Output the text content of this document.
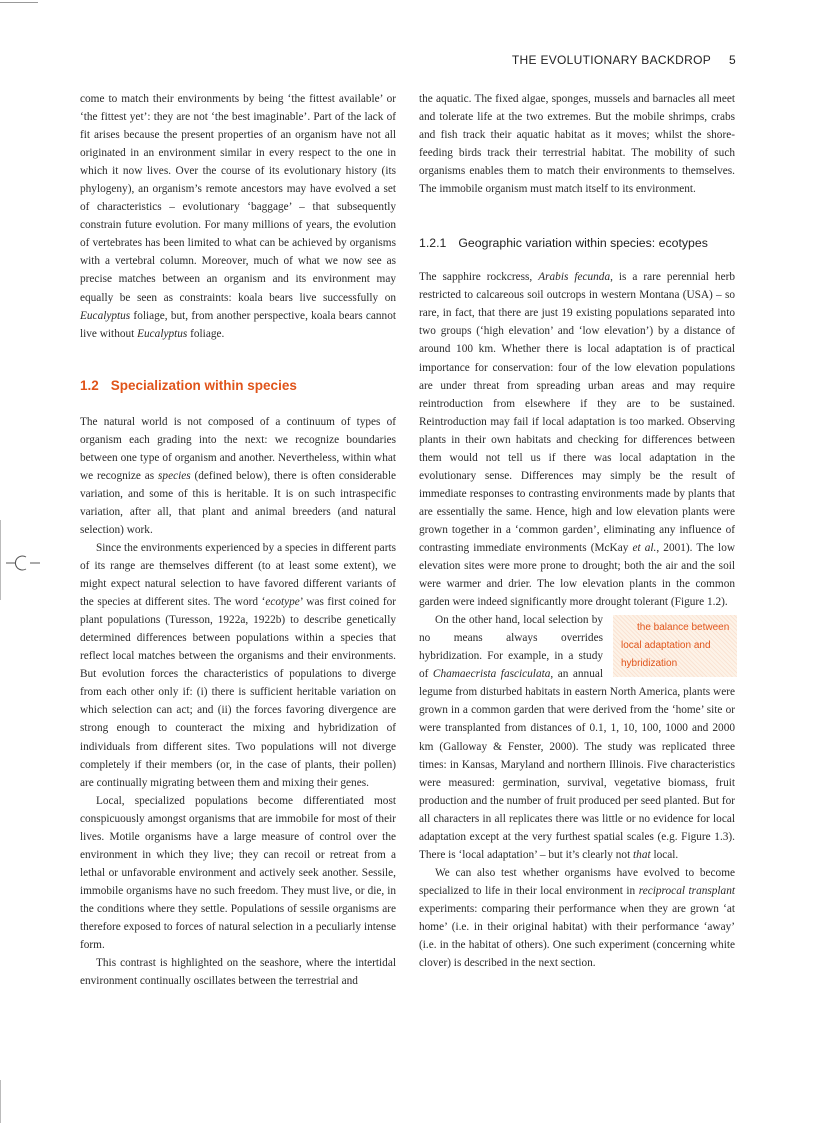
THE EVOLUTIONARY BACKDROP 5

come to match their environments by being ‘the fittest available’ or ‘the fittest yet’: they are not ‘the best imaginable’. Part of the lack of fit arises because the present properties of an organism have not all originated in an environment similar in every respect to the one in which it now lives. Over the course of its evolutionary history (its phylogeny), an organism’s remote ancestors may have evolved a set of characteristics – evolutionary ‘baggage’ – that subsequently constrain future evolution. For many millions of years, the evolution of vertebrates has been limited to what can be achieved by organisms with a vertebral column. Moreover, much of what we now see as precise matches between an organism and its environment may equally be seen as constraints: koala bears live successfully on Eucalyptus foliage, but, from another perspective, koala bears cannot live without Eucalyptus foliage.

1.2 Specialization within species

The natural world is not composed of a continuum of types of organism each grading into the next: we recognize boundaries between one type of organism and another. Nevertheless, within what we recognize as species (defined below), there is often considerable variation, and some of this is heritable. It is on such intraspecific variation, after all, that plant and animal breeders (and natural selection) work.

Since the environments experienced by a species in different parts of its range are themselves different (to at least some extent), we might expect natural selection to have favored different variants of the species at different sites. The word ‘ecotype’ was first coined for plant populations (Turesson, 1922a, 1922b) to describe genetically determined differences between populations within a species that reflect local matches between the organisms and their environments. But evolution forces the characteristics of populations to diverge from each other only if: (i) there is sufficient heritable variation on which selection can act; and (ii) the forces favoring divergence are strong enough to counteract the mixing and hybridization of individuals from different sites. Two populations will not diverge completely if their members (or, in the case of plants, their pollen) are continually migrating between them and mixing their genes.

Local, specialized populations become differentiated most conspicuously amongst organisms that are immobile for most of their lives. Motile organisms have a large measure of control over the environment in which they live; they can recoil or retreat from a lethal or unfavorable environment and actively seek another. Sessile, immobile organisms have no such freedom. They must live, or die, in the conditions where they settle. Populations of sessile organisms are therefore exposed to forces of natural selection in a peculiarly intense form.

This contrast is highlighted on the seashore, where the intertidal environment continually oscillates between the terrestrial and

the aquatic. The fixed algae, sponges, mussels and barnacles all meet and tolerate life at the two extremes. But the mobile shrimps, crabs and fish track their aquatic habitat as it moves; whilst the shore-feeding birds track their terrestrial habitat. The mobility of such organisms enables them to match their environments to themselves. The immobile organism must match itself to its environment.

1.2.1 Geographic variation within species: ecotypes

The sapphire rockcress, Arabis fecunda, is a rare perennial herb restricted to calcareous soil outcrops in western Montana (USA) – so rare, in fact, that there are just 19 existing populations separated into two groups (‘high elevation’ and ‘low elevation’) by a distance of around 100 km. Whether there is local adaptation is of practical importance for conservation: four of the low elevation populations are under threat from spreading urban areas and may require reintroduction from elsewhere if they are to be sustained. Reintroduction may fail if local adaptation is too marked. Observing plants in their own habitats and checking for differences between them would not tell us if there was local adaptation in the evolutionary sense. Differences may simply be the result of immediate responses to contrasting environments made by plants that are essentially the same. Hence, high and low elevation plants were grown together in a ‘common garden’, eliminating any influence of contrasting immediate environments (McKay et al., 2001). The low elevation sites were more prone to drought; both the air and the soil were warmer and drier. The low elevation plants in the common garden were indeed significantly more drought tolerant (Figure 1.2).

the balance between local adaptation and hybridization
On the other hand, local selection by no means always overrides hybridization. For example, in a study of Chamaecrista fasciculata, an annual legume from disturbed habitats in eastern North America, plants were grown in a common garden that were derived from the ‘home’ site or were transplanted from distances of 0.1, 1, 10, 100, 1000 and 2000 km (Galloway & Fenster, 2000). The study was replicated three times: in Kansas, Maryland and northern Illinois. Five characteristics were measured: germination, survival, vegetative biomass, fruit production and the number of fruit produced per seed planted. But for all characters in all replicates there was little or no evidence for local adaptation except at the very furthest spatial scales (e.g. Figure 1.3). There is ‘local adaptation’ – but it’s clearly not that local.

We can also test whether organisms have evolved to become specialized to life in their local environment in reciprocal transplant experiments: comparing their performance when they are grown ‘at home’ (i.e. in their original habitat) with their performance ‘away’ (i.e. in the habitat of others). One such experiment (concerning white clover) is described in the next section.
